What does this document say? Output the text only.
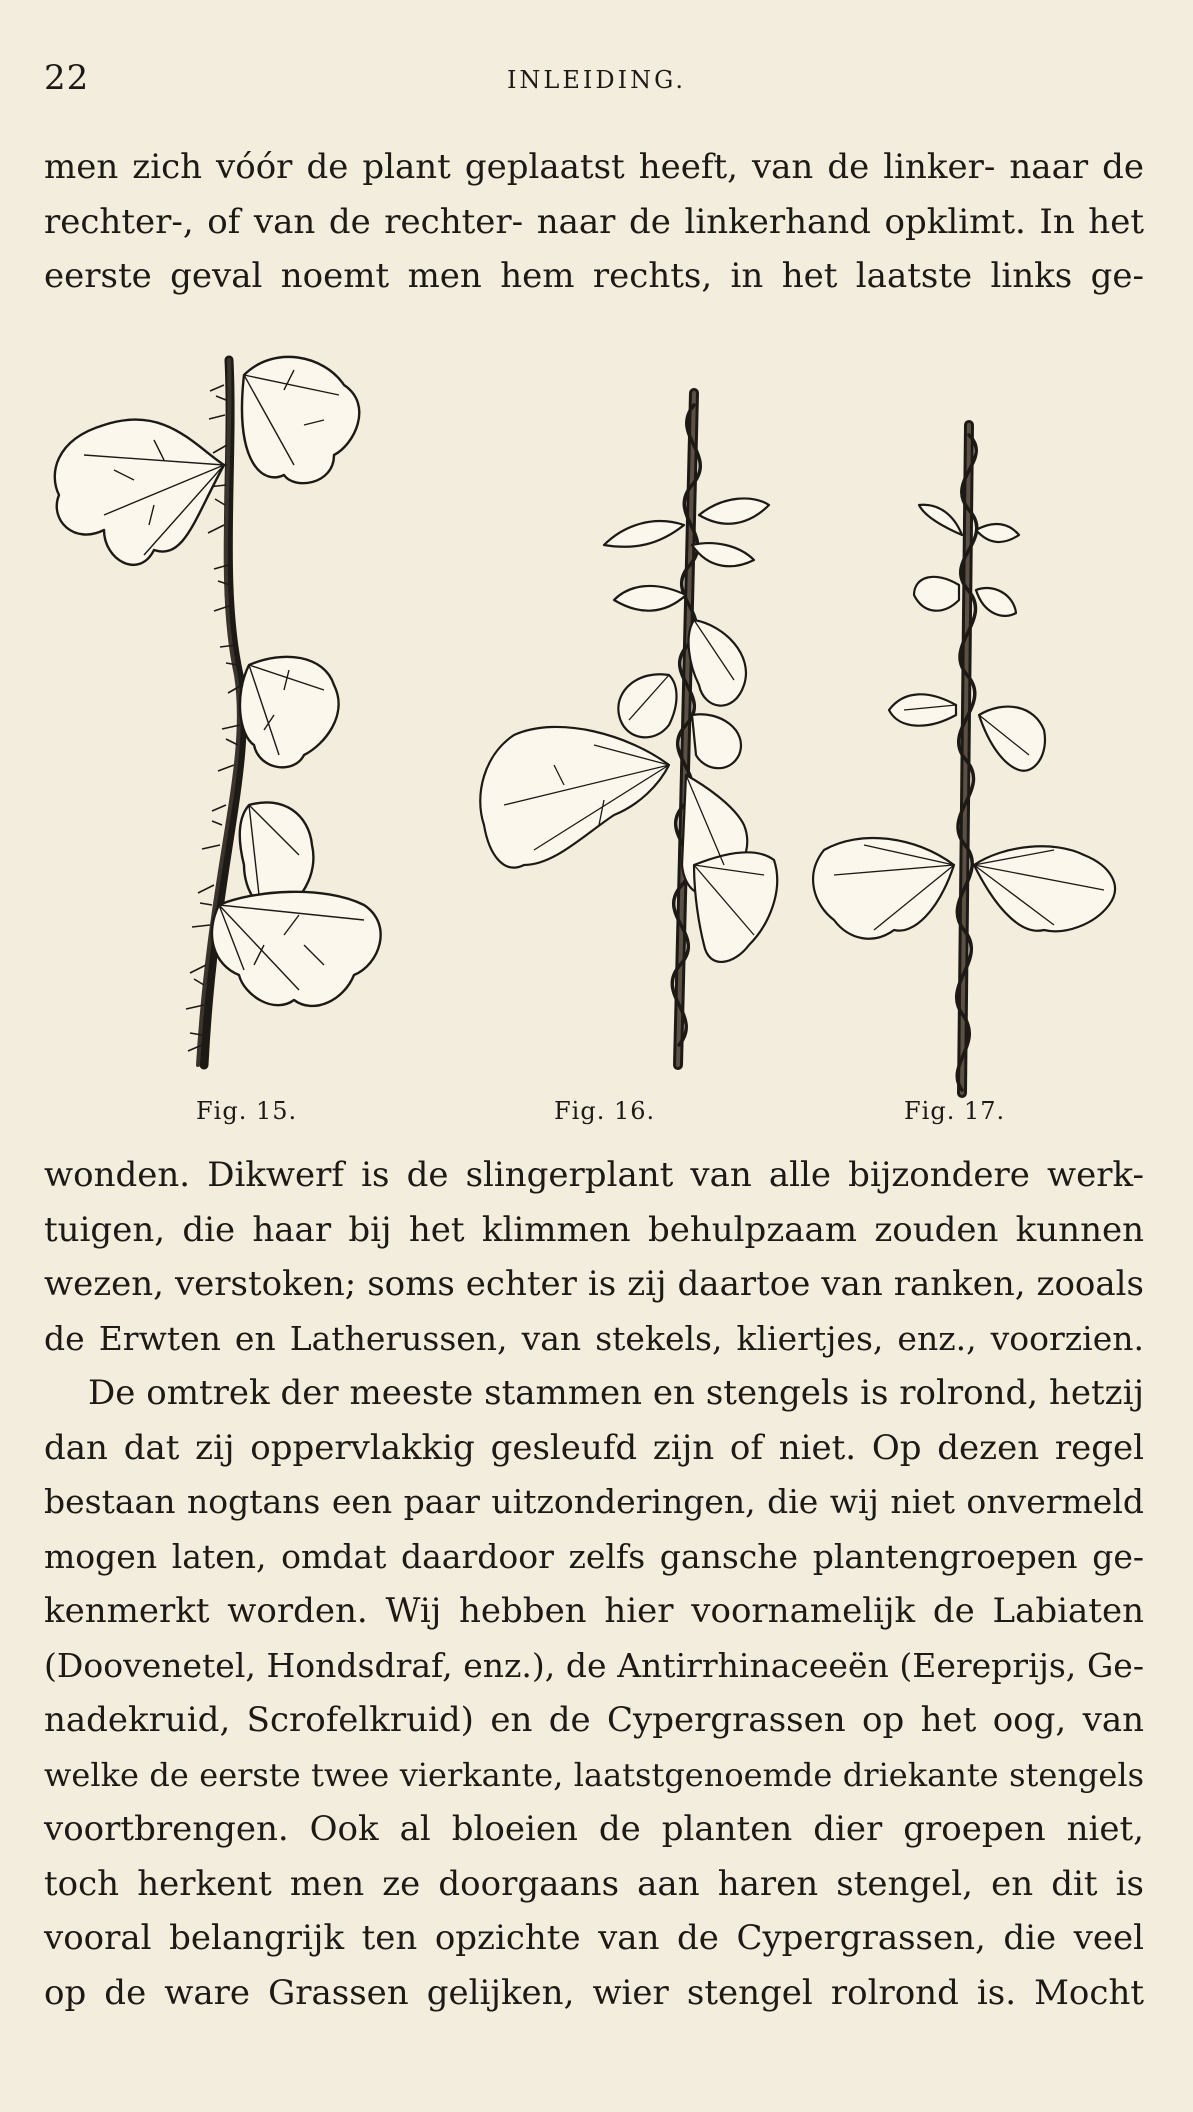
22	INLEIDING.
men zich vóór de plant geplaatst heeft, van de linker- naar de
rechter-, of van de rechter- naar de linkerhand opklimt. In het
eerste geval noemt men hem rechts, in het laatste links ge-
Fig. 15.	Fig. 16.	Fig. 17.
wonden. Dikwerf is de slingerplant van alle bijzondere werk-
tuigen, die haar bij het klimmen behulpzaam zouden kunnen
wezen, verstoken; soms echter is zij daartoe van ranken, zooals
de Erwten en Latherussen, van stekels, kliertjes, enz., voorzien.
De omtrek der meeste stammen en stengels is rolrond, hetzij
dan dat zij oppervlakkig gesleufd zijn of niet. Op dezen regel
bestaan nogtans een paar uitzonderingen, die wij niet onvermeld
mogen laten, omdat daardoor zelfs gansche plantengroepen ge-
kenmerkt worden. Wij hebben hier voornamelijk de Labiaten
(Doovenetel, Hondsdraf, enz.), de Antirrhinaceeën (Eereprijs, Ge-
nadekruid, Scrofelkruid) en de Cypergrassen op het oog, van
welke de eerste twee vierkante, laatstgenoemde driekante stengels
voortbrengen. Ook al bloeien de planten dier groepen niet,
toch herkent men ze doorgaans aan haren stengel, en dit is
vooral belangrijk ten opzichte van de Cypergrassen, die veel
op de ware Grassen gelijken, wier stengel rolrond is. Mocht
